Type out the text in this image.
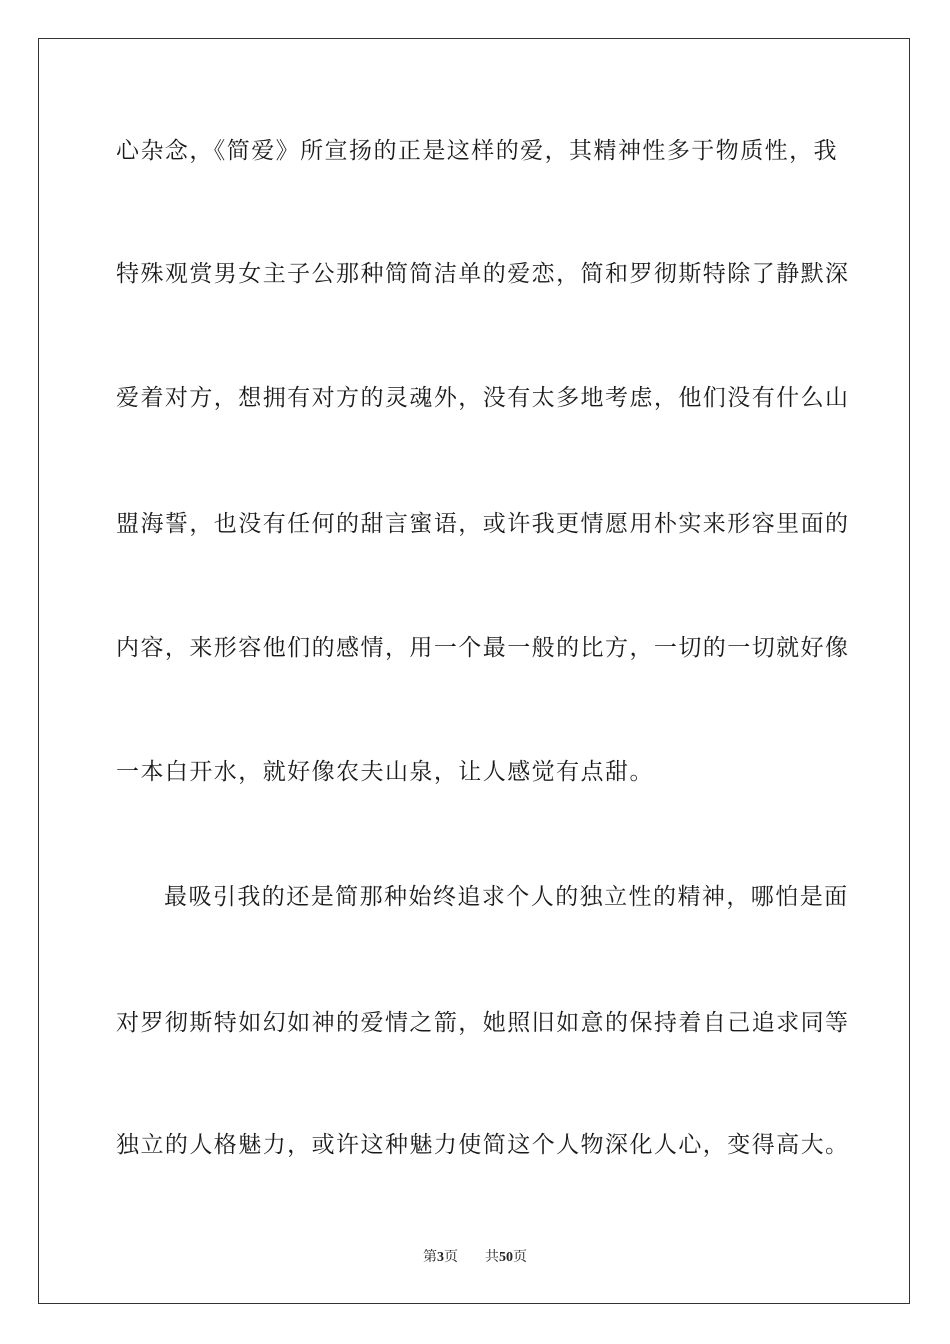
心杂念，《简爱》所宣扬的正是这样的爱，其精神性多于物质性，我
特殊观赏男女主子公那种简简洁单的爱恋，简和罗彻斯特除了静默深
爱着对方，想拥有对方的灵魂外，没有太多地考虑，他们没有什么山
盟海誓，也没有任何的甜言蜜语，或许我更情愿用朴实来形容里面的
内容，来形容他们的感情，用一个最一般的比方，一切的一切就好像
一本白开水，就好像农夫山泉，让人感觉有点甜。
最吸引我的还是简那种始终追求个人的独立性的精神，哪怕是面
对罗彻斯特如幻如神的爱情之箭，她照旧如意的保持着自己追求同等
独立的人格魅力，或许这种魅力使简这个人物深化人心，变得高大。
第3页 共50页
